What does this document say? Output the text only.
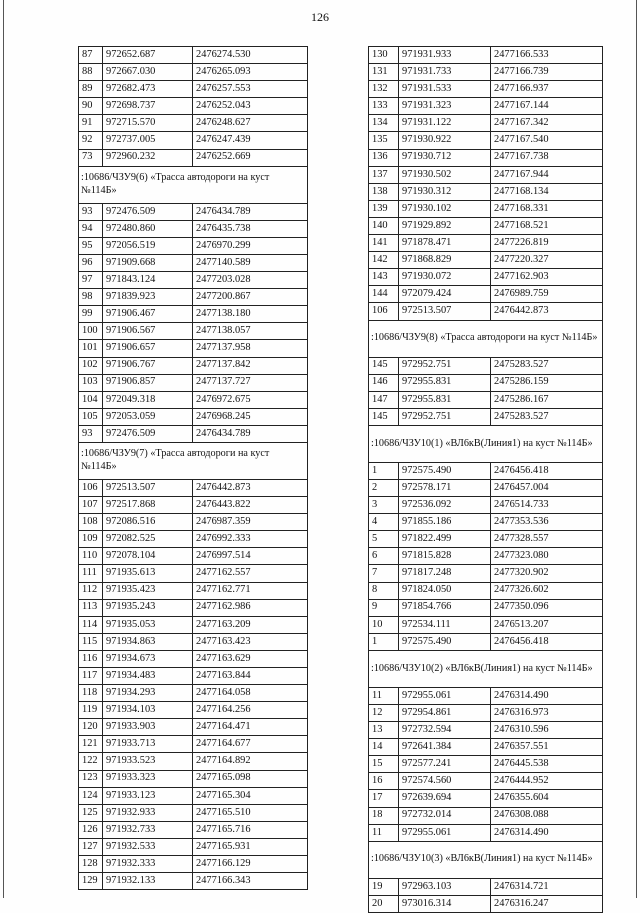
126
87	972652.687	2476274.530
88	972667.030	2476265.093
89	972682.473	2476257.553
90	972698.737	2476252.043
91	972715.570	2476248.627
92	972737.005	2476247.439
73	972960.232	2476252.669
:10686/ЧЗУ9(6) «Трасса автодороги на куст №114Б»		
93	972476.509	2476434.789
94	972480.860	2476435.738
95	972056.519	2476970.299
96	971909.668	2477140.589
97	971843.124	2477203.028
98	971839.923	2477200.867
99	971906.467	2477138.180
100	971906.567	2477138.057
101	971906.657	2477137.958
102	971906.767	2477137.842
103	971906.857	2477137.727
104	972049.318	2476972.675
105	972053.059	2476968.245
93	972476.509	2476434.789
:10686/ЧЗУ9(7) «Трасса автодороги на куст №114Б»		
106	972513.507	2476442.873
107	972517.868	2476443.822
108	972086.516	2476987.359
109	972082.525	2476992.333
110	972078.104	2476997.514
111	971935.613	2477162.557
112	971935.423	2477162.771
113	971935.243	2477162.986
114	971935.053	2477163.209
115	971934.863	2477163.423
116	971934.673	2477163.629
117	971934.483	2477163.844
118	971934.293	2477164.058
119	971934.103	2477164.256
120	971933.903	2477164.471
121	971933.713	2477164.677
122	971933.523	2477164.892
123	971933.323	2477165.098
124	971933.123	2477165.304
125	971932.933	2477165.510
126	971932.733	2477165.716
127	971932.533	2477165.931
128	971932.333	2477166.129
129	971932.133	2477166.343
130	971931.933	2477166.533
131	971931.733	2477166.739
132	971931.533	2477166.937
133	971931.323	2477167.144
134	971931.122	2477167.342
135	971930.922	2477167.540
136	971930.712	2477167.738
137	971930.502	2477167.944
138	971930.312	2477168.134
139	971930.102	2477168.331
140	971929.892	2477168.521
141	971878.471	2477226.819
142	971868.829	2477220.327
143	971930.072	2477162.903
144	972079.424	2476989.759
106	972513.507	2476442.873
:10686/ЧЗУ9(8) «Трасса автодороги на куст №114Б»		
145	972952.751	2475283.527
146	972955.831	2475286.159
147	972955.831	2475286.167
145	972952.751	2475283.527
:10686/ЧЗУ10(1) «ВЛ6кВ(Линия1) на куст №114Б»		
1	972575.490	2476456.418
2	972578.171	2476457.004
3	972536.092	2476514.733
4	971855.186	2477353.536
5	971822.499	2477328.557
6	971815.828	2477323.080
7	971817.248	2477320.902
8	971824.050	2477326.602
9	971854.766	2477350.096
10	972534.111	2476513.207
1	972575.490	2476456.418
:10686/ЧЗУ10(2) «ВЛ6кВ(Линия1) на куст №114Б»		
11	972955.061	2476314.490
12	972954.861	2476316.973
13	972732.594	2476310.596
14	972641.384	2476357.551
15	972577.241	2476445.538
16	972574.560	2476444.952
17	972639.694	2476355.604
18	972732.014	2476308.088
11	972955.061	2476314.490
:10686/ЧЗУ10(3) «ВЛ6кВ(Линия1) на куст №114Б»		
19	972963.103	2476314.721
20	973016.314	2476316.247
